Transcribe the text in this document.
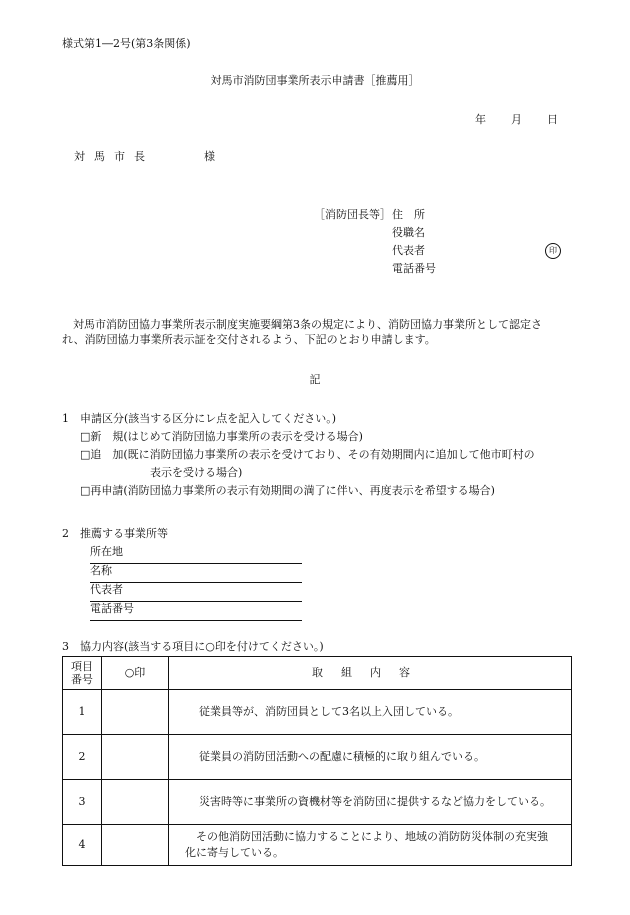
様式第1―2号(第3条関係)
対馬市消防団事業所表示申請書［推薦用］
年 月 日
対馬市長	様
［消防団長等］ 住　所
役職名
代表者
電話番号
印

　対馬市消防団協力事業所表示制度実施要綱第3条の規定により、消防団協力事業所として認定さ

れ、消防団協力事業所表示証を交付されるよう、下記のとおり申請します。

記
1　申請区分(該当する区分にレ点を記入してください。)
□新　規(はじめて消防団協力事業所の表示を受ける場合)
□追　加(既に消防団協力事業所の表示を受けており、その有効期間内に追加して他市町村の
表示を受ける場合)
□再申請(消防団協力事業所の表示有効期間の満了に伴い、再度表示を希望する場合)
2　推薦する事業所等
所在地
名称
代表者
電話番号
3　協力内容(該当する項目に○印を付けてください。)
項目
番号	○印	取組内容
1		従業員等が、消防団員として3名以上入団している。

2		従業員の消防団活動への配慮に積極的に取り組んでいる。

3		災害時等に事業所の資機材等を消防団に提供するなど協力をしている。

4		　その他消防団活動に協力することにより、地域の消防防災体制の充実強
化に寄与している。
